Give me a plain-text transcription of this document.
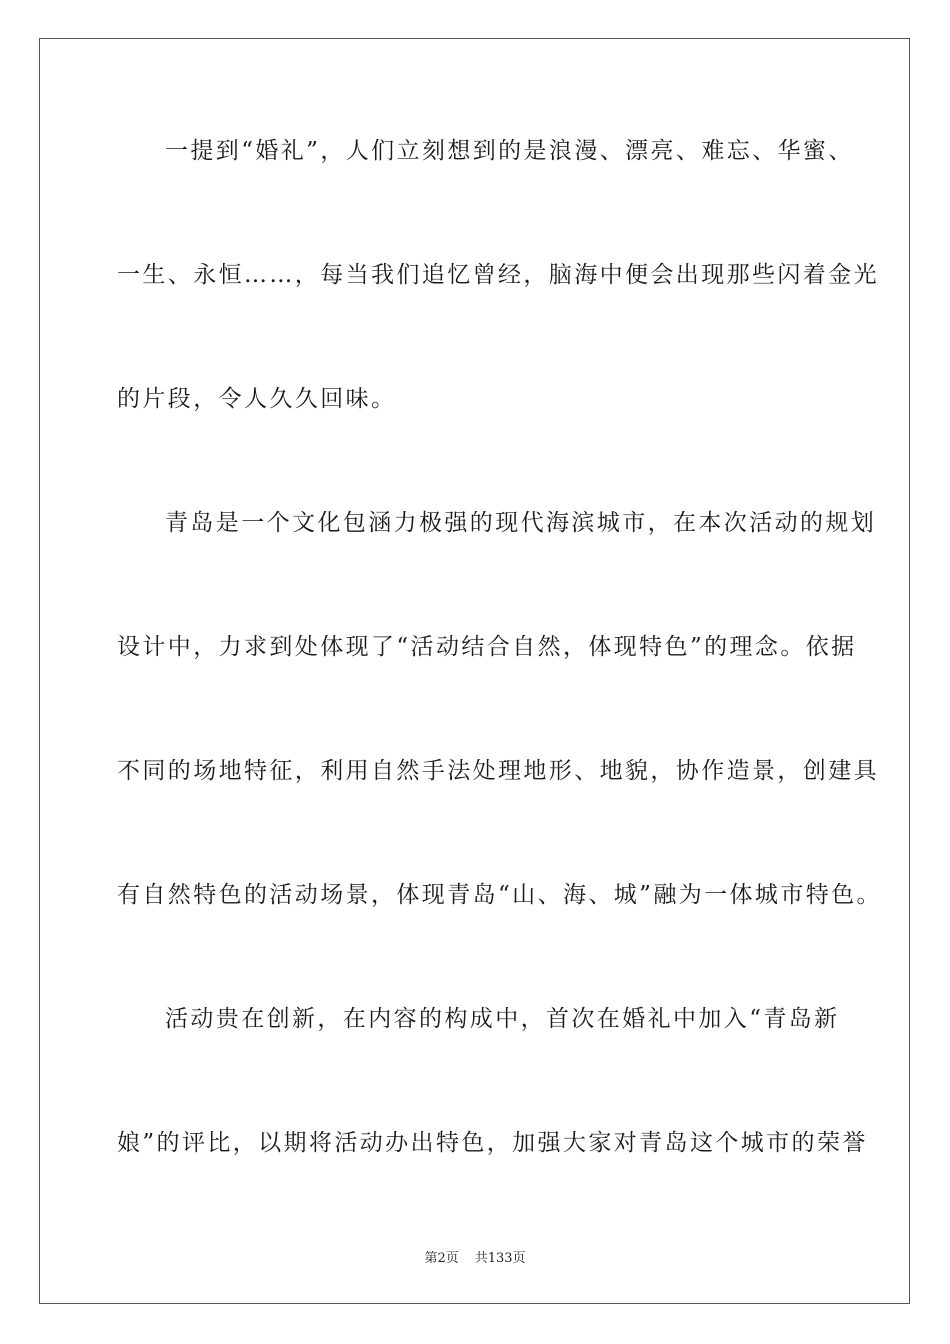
一提到“婚礼”，人们立刻想到的是浪漫、漂亮、难忘、华蜜、
一生、永恒……，每当我们追忆曾经，脑海中便会出现那些闪着金光
的片段，令人久久回味。
青岛是一个文化包涵力极强的现代海滨城市，在本次活动的规划
设计中，力求到处体现了“活动结合自然，体现特色”的理念。依据
不同的场地特征，利用自然手法处理地形、地貌，协作造景，创建具
有自然特色的活动场景，体现青岛“山、海、城”融为一体城市特色。
活动贵在创新，在内容的构成中，首次在婚礼中加入“青岛新
娘”的评比，以期将活动办出特色，加强大家对青岛这个城市的荣誉
第2页 共133页
